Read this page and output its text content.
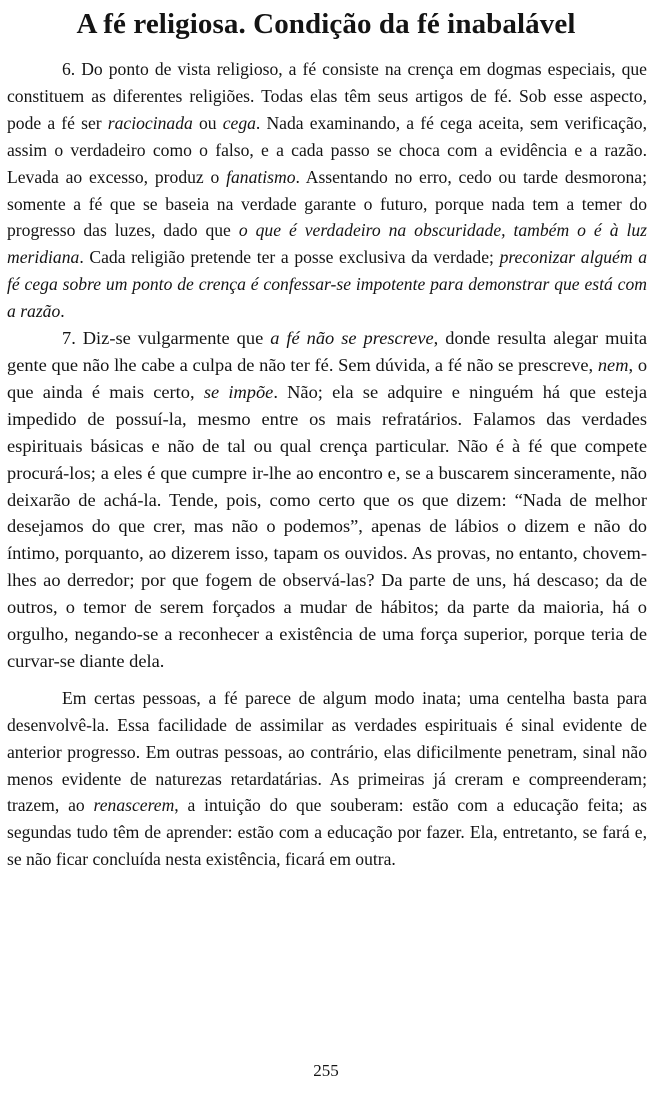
A fé religiosa. Condição da fé inabalável

6. Do ponto de vista religioso, a fé consiste na crença em dogmas especiais, que constituem as diferentes religiões. Todas elas têm seus artigos de fé. Sob esse aspecto, pode a fé ser raciocinada ou cega. Nada examinando, a fé cega aceita, sem verificação, assim o verdadeiro como o falso, e a cada passo se choca com a evidência e a razão. Levada ao excesso, produz o fanatismo. Assentando no erro, cedo ou tarde desmorona; somente a fé que se baseia na verdade garante o futuro, porque nada tem a temer do progresso das luzes, dado que o que é verdadeiro na obscuridade, também o é à luz meridiana. Cada religião pretende ter a posse exclusiva da verdade; preconizar alguém a fé cega sobre um ponto de crença é confessar-se impotente para demonstrar que está com a razão.

7. Diz-se vulgarmente que a fé não se prescreve, donde resulta alegar muita gente que não lhe cabe a culpa de não ter fé. Sem dúvida, a fé não se prescreve, nem, o que ainda é mais certo, se impõe. Não; ela se adquire e ninguém há que esteja impedido de possuí-la, mesmo entre os mais refratários. Falamos das verdades espirituais básicas e não de tal ou qual crença particular. Não é à fé que compete procurá-los; a eles é que cumpre ir-lhe ao encontro e, se a buscarem sinceramente, não deixarão de achá-la. Tende, pois, como certo que os que dizem: “Nada de melhor desejamos do que crer, mas não o podemos”, apenas de lábios o dizem e não do íntimo, porquanto, ao dizerem isso, tapam os ouvidos. As provas, no entanto, chovem-lhes ao derredor; por que fogem de observá-las? Da parte de uns, há descaso; da de outros, o temor de serem forçados a mudar de hábitos; da parte da maioria, há o orgulho, negando-se a reconhecer a existência de uma força superior, porque teria de curvar-se diante dela.

Em certas pessoas, a fé parece de algum modo inata; uma centelha basta para desenvolvê-la. Essa facilidade de assimilar as verdades espirituais é sinal evidente de anterior progresso. Em outras pessoas, ao contrário, elas dificilmente penetram, sinal não menos evidente de naturezas retardatárias. As primeiras já creram e compreenderam; trazem, ao renascerem, a intuição do que souberam: estão com a educação feita; as segundas tudo têm de aprender: estão com a educação por fazer. Ela, entretanto, se fará e, se não ficar concluída nesta existência, ficará em outra.

255
